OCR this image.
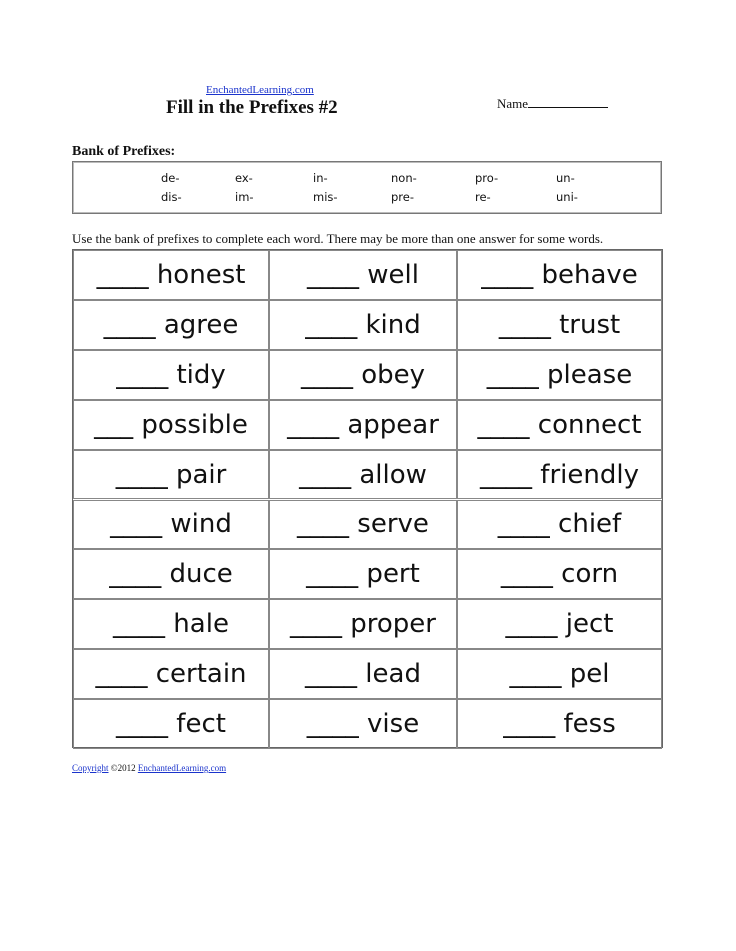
EnchantedLearning.com
Fill in the Prefixes #2	Name
Bank of Prefixes:
de-	ex-	in-	non-	pro-	un-
dis-	im-	mis-	pre-	re-	uni-
Use the bank of prefixes to complete each word. There may be more than one answer for some words.
____ honest	____ well	____ behave
____ agree	____ kind	____ trust
____ tidy	____ obey	____ please
___ possible	____ appear	____ connect
____ pair	____ allow	____ friendly
____ wind	____ serve	____ chief
____ duce	____ pert	____ corn
____ hale	____ proper	____ ject
____ certain	____ lead	____ pel
____ fect	____ vise	____ fess
Copyright ©2012 EnchantedLearning.com
